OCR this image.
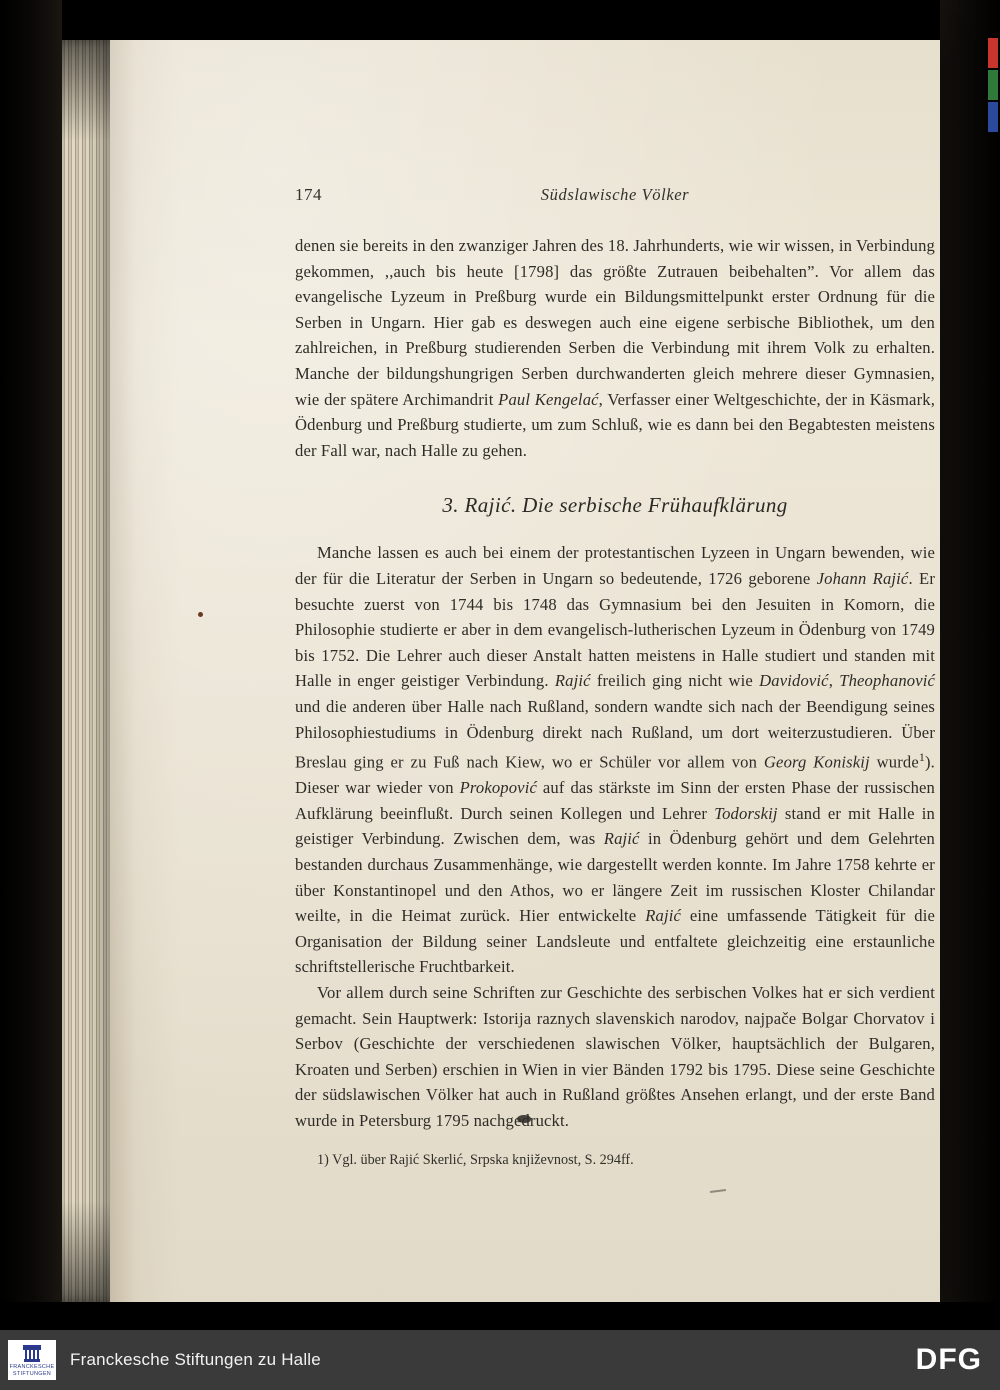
174	Südslawische Völker

denen sie bereits in den zwanziger Jahren des 18. Jahrhunderts, wie wir wissen, in Verbindung gekommen, ,,auch bis heute [1798] das größte Zutrauen beibehalten”. Vor allem das evangelische Lyzeum in Preßburg wurde ein Bildungsmittelpunkt erster Ordnung für die Serben in Ungarn. Hier gab es deswegen auch eine eigene serbische Bibliothek, um den zahlreichen, in Preßburg studierenden Serben die Verbindung mit ihrem Volk zu erhalten. Manche der bildungshungrigen Serben durchwanderten gleich mehrere dieser Gymnasien, wie der spätere Archimandrit Paul Kengelać, Verfasser einer Weltgeschichte, der in Käsmark, Ödenburg und Preßburg studierte, um zum Schluß, wie es dann bei den Begabtesten meistens der Fall war, nach Halle zu gehen.

3. Rajić. Die serbische Frühaufklärung

Manche lassen es auch bei einem der protestantischen Lyzeen in Ungarn bewenden, wie der für die Literatur der Serben in Ungarn so bedeutende, 1726 geborene Johann Rajić. Er besuchte zuerst von 1744 bis 1748 das Gymnasium bei den Jesuiten in Komorn, die Philosophie studierte er aber in dem evangelisch-lutherischen Lyzeum in Ödenburg von 1749 bis 1752. Die Lehrer auch dieser Anstalt hatten meistens in Halle studiert und standen mit Halle in enger geistiger Verbindung. Rajić freilich ging nicht wie Davidović, Theophanović und die anderen über Halle nach Rußland, sondern wandte sich nach der Beendigung seines Philosophiestudiums in Ödenburg direkt nach Rußland, um dort weiterzustudieren. Über Breslau ging er zu Fuß nach Kiew, wo er Schüler vor allem von Georg Koniskij wurde$^1$). Dieser war wieder von Prokopović auf das stärkste im Sinn der ersten Phase der russischen Aufklärung beeinflußt. Durch seinen Kollegen und Lehrer Todorskij stand er mit Halle in geistiger Verbindung. Zwischen dem, was Rajić in Ödenburg gehört und dem Gelehrten bestanden durchaus Zusammenhänge, wie dargestellt werden konnte. Im Jahre 1758 kehrte er über Konstantinopel und den Athos, wo er längere Zeit im russischen Kloster Chilandar weilte, in die Heimat zurück. Hier entwickelte Rajić eine umfassende Tätigkeit für die Organisation der Bildung seiner Landsleute und entfaltete gleichzeitig eine erstaunliche schriftstellerische Fruchtbarkeit.

Vor allem durch seine Schriften zur Geschichte des serbischen Volkes hat er sich verdient gemacht. Sein Hauptwerk: Istorija raznych slavenskich narodov, najpače Bolgar Chorvatov i Serbov (Geschichte der verschiedenen slawischen Völker, hauptsächlich der Bulgaren, Kroaten und Serben) erschien in Wien in vier Bänden 1792 bis 1795. Diese seine Geschichte der südslawischen Völker hat auch in Rußland größtes Ansehen erlangt, und der erste Band wurde in Petersburg 1795 nachgedruckt.

1) Vgl. über Rajić Skerlić, Srpska književnost, S. 294ff.

FRANCKESCHE
STIFTUNGEN
Franckesche Stiftungen zu Halle	DFG
